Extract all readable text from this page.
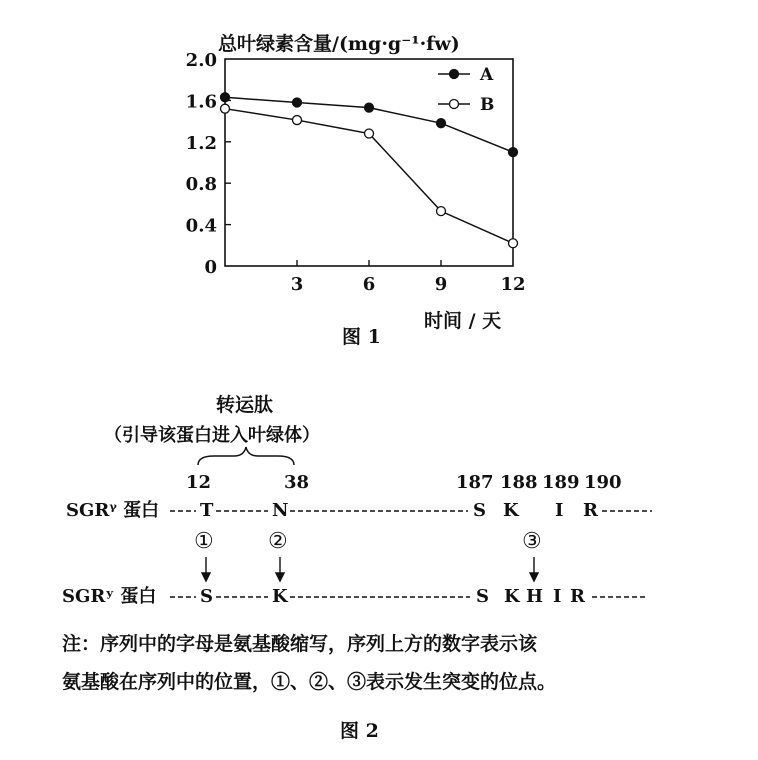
总叶绿素含量/(mg·g⁻¹·fw)
0
0.4
0.8
1.2
1.6
2.0
3	6	9	12
A
B
时间 / 天
图 1
转运肽
（引导该蛋白进入叶绿体）
12	38	187 188 189 190
SGRᵞ 蛋白 T	N	S K I R
① ②	③
SGRʸ 蛋白 S	K	S K H I R
注：序列中的字母是氨基酸缩写，序列上方的数字表示该
氨基酸在序列中的位置，①、②、③表示发生突变的位点。
图 2
